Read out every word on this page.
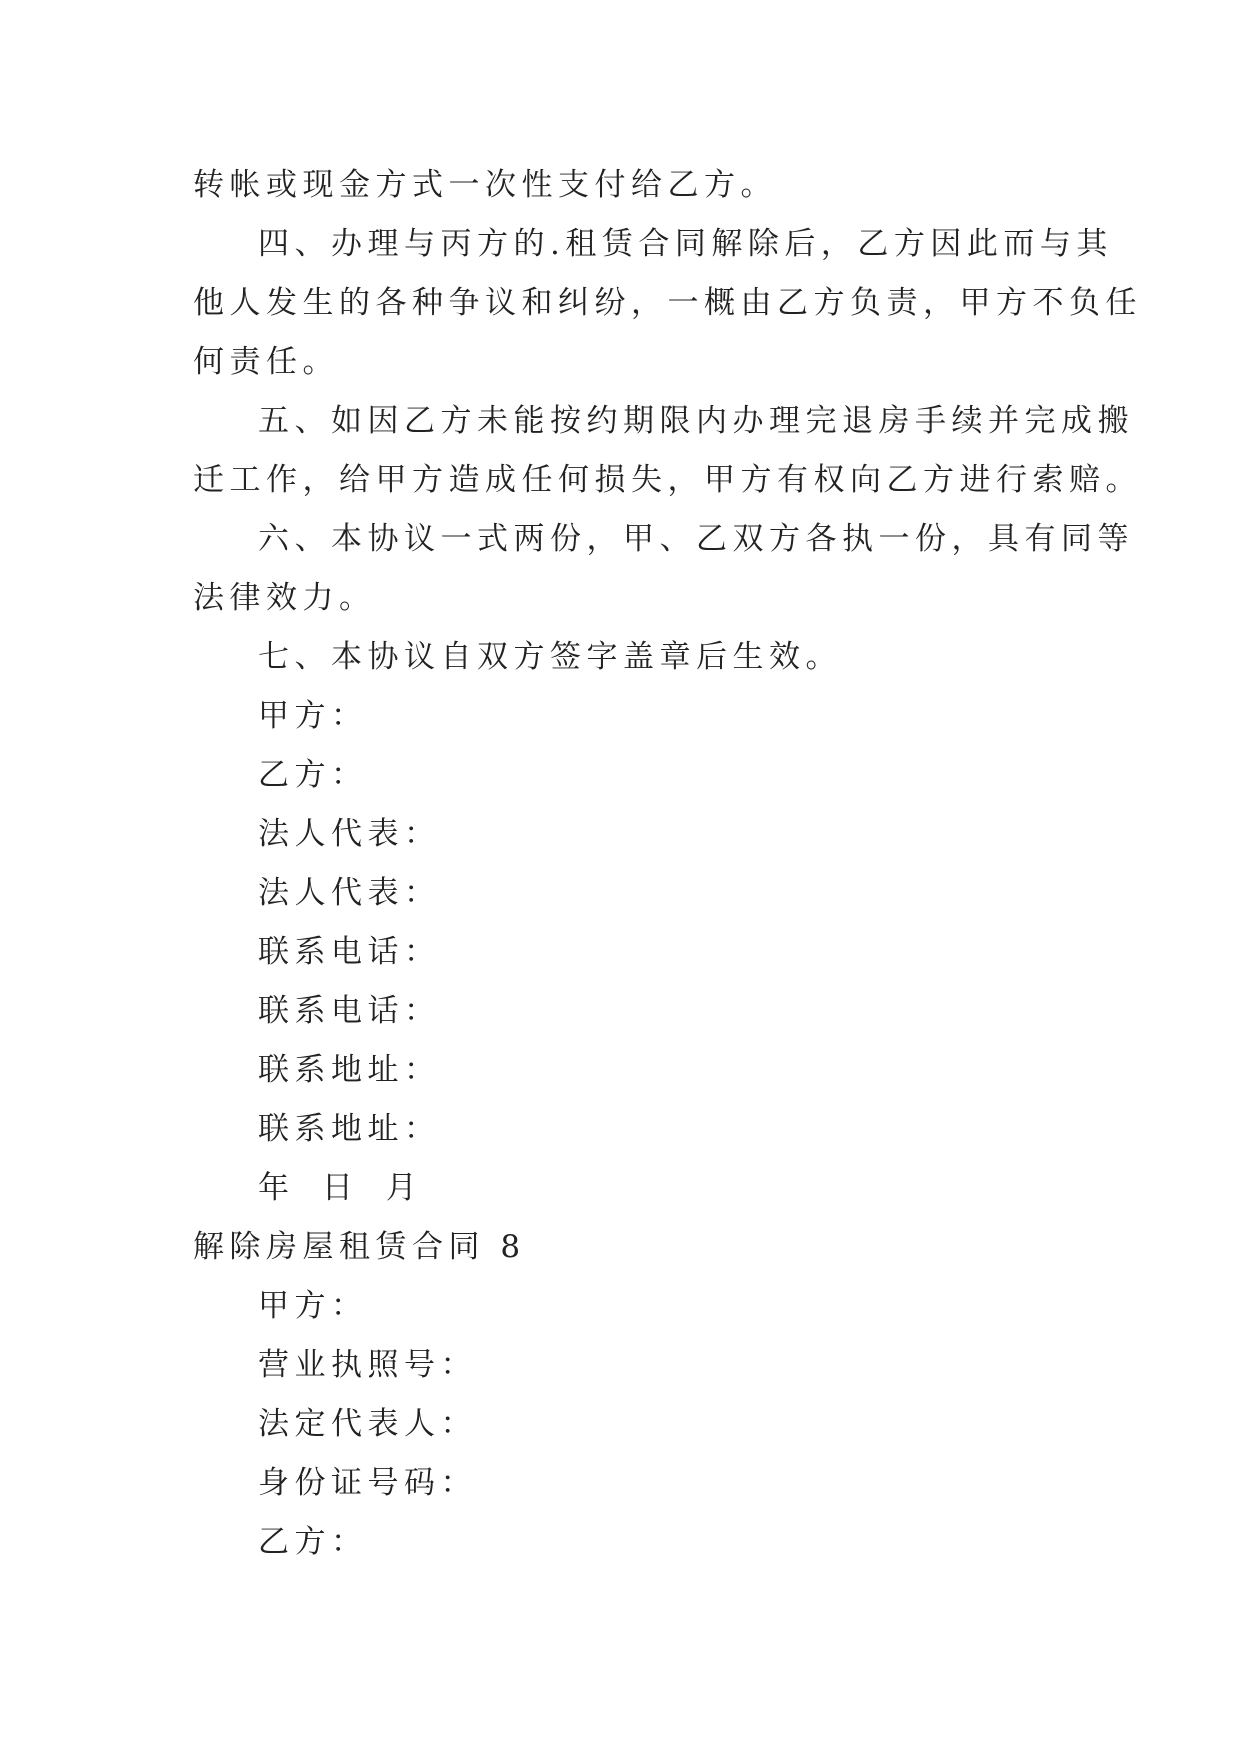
转帐或现金方式一次性支付给乙方。
四、办理与丙方的.租赁合同解除后，乙方因此而与其
他人发生的各种争议和纠纷，一概由乙方负责，甲方不负任
何责任。
五、如因乙方未能按约期限内办理完退房手续并完成搬
迁工作，给甲方造成任何损失，甲方有权向乙方进行索赔。
六、本协议一式两份，甲、乙双方各执一份，具有同等
法律效力。
七、本协议自双方签字盖章后生效。
甲方：
乙方：
法人代表：
法人代表：
联系电话：
联系电话：
联系地址：
联系地址：
年 日 月
解除房屋租赁合同 8
甲方：
营业执照号：
法定代表人：
身份证号码：
乙方：
